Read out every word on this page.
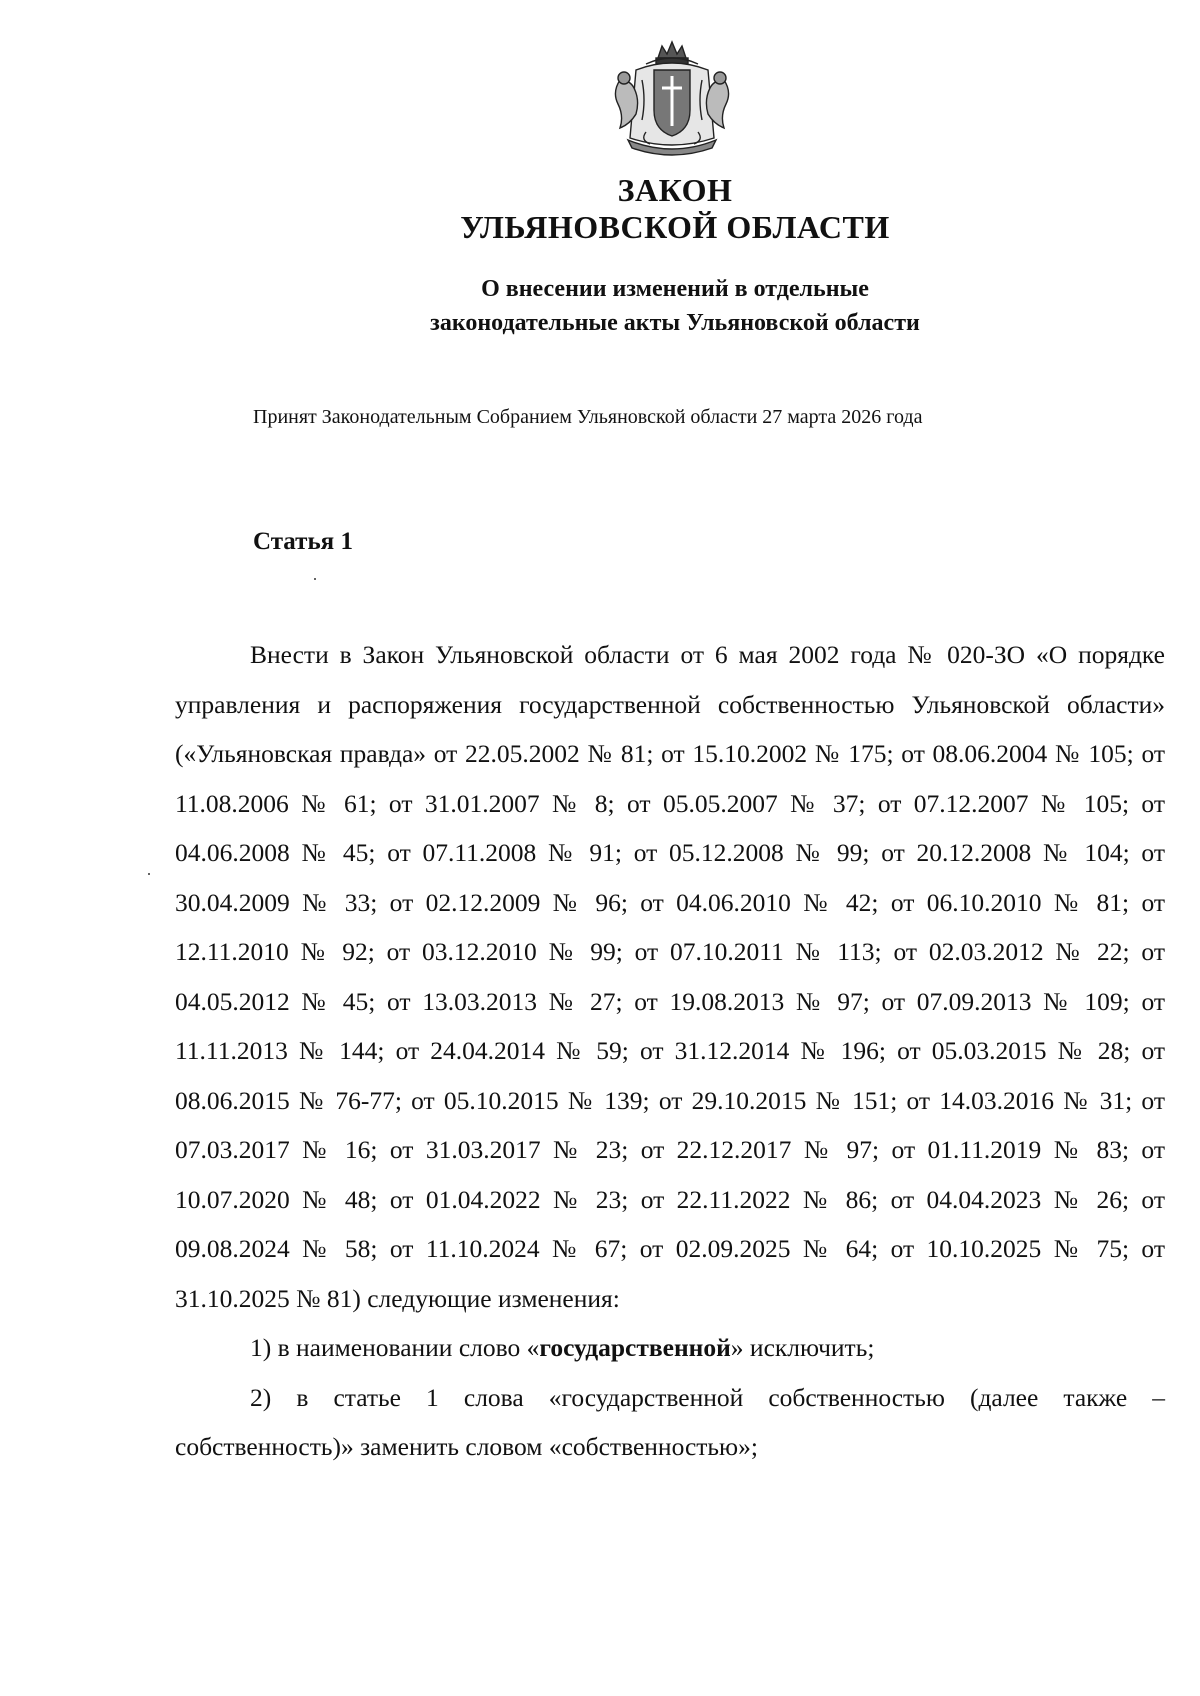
ЗАКОН
УЛЬЯНОВСКОЙ ОБЛАСТИ
О внесении изменений в отдельные
законодательные акты Ульяновской области
Принят Законодательным Собранием Ульяновской области 27 марта 2026 года
Статья 1

Внести в Закон Ульяновской области от 6 мая 2002 года № 020-ЗО «О порядке управления и распоряжения государственной собственностью Ульяновской области» («Ульяновская правда» от 22.05.2002 № 81; от 15.10.2002 № 175; от 08.06.2004 № 105; от 11.08.2006 № 61; от 31.01.2007 № 8; от 05.05.2007 № 37; от 07.12.2007 № 105; от 04.06.2008 № 45; от 07.11.2008 № 91; от 05.12.2008 № 99; от 20.12.2008 № 104; от 30.04.2009 № 33; от 02.12.2009 № 96; от 04.06.2010 № 42; от 06.10.2010 № 81; от 12.11.2010 № 92; от 03.12.2010 № 99; от 07.10.2011 № 113; от 02.03.2012 № 22; от 04.05.2012 № 45; от 13.03.2013 № 27; от 19.08.2013 № 97; от 07.09.2013 № 109; от 11.11.2013 № 144; от 24.04.2014 № 59; от 31.12.2014 № 196; от 05.03.2015 № 28; от 08.06.2015 № 76-77; от 05.10.2015 № 139; от 29.10.2015 № 151; от 14.03.2016 № 31; от 07.03.2017 № 16; от 31.03.2017 № 23; от 22.12.2017 № 97; от 01.11.2019 № 83; от 10.07.2020 № 48; от 01.04.2022 № 23; от 22.11.2022 № 86; от 04.04.2023 № 26; от 09.08.2024 № 58; от 11.10.2024 № 67; от 02.09.2025 № 64; от 10.10.2025 № 75; от 31.10.2025 № 81) следующие изменения:

1) в наименовании слово «государственной» исключить;

2) в статье 1 слова «государственной собственностью (далее также – собственность)» заменить словом «собственностью»;
